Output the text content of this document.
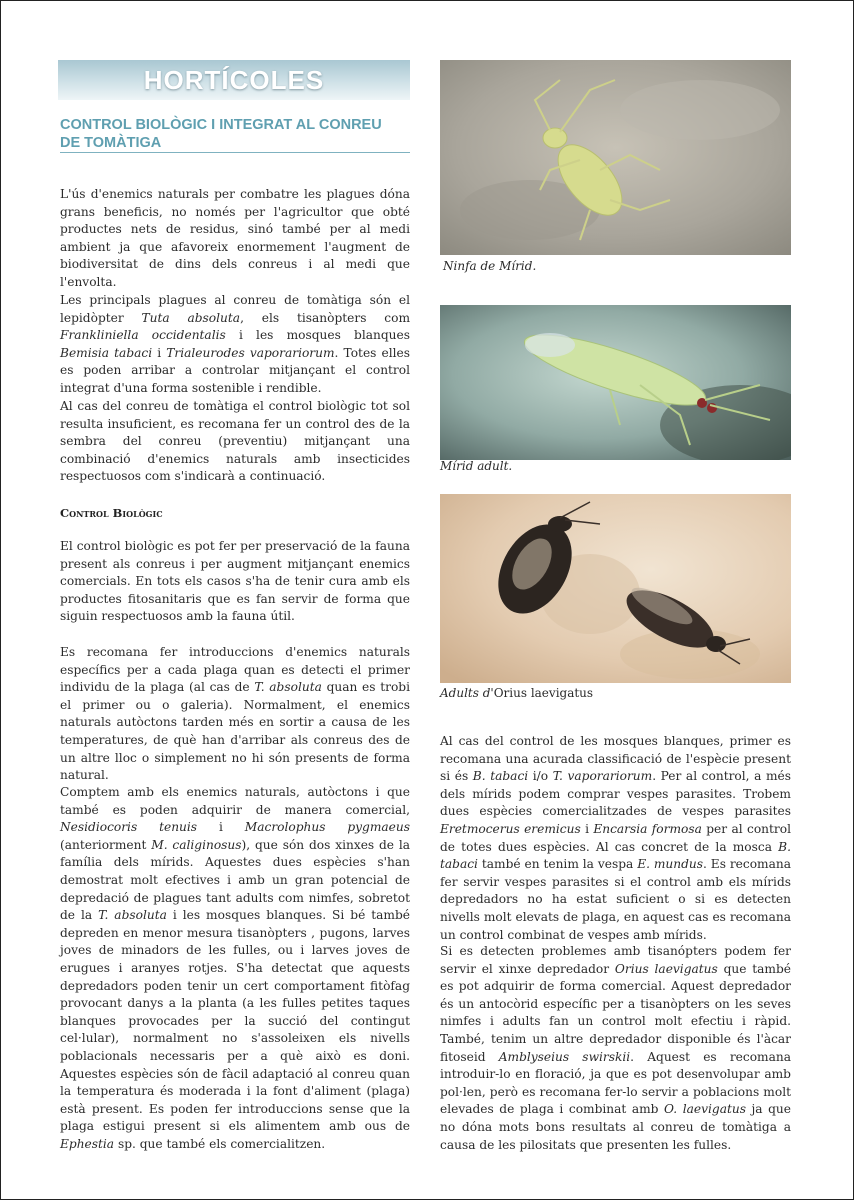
HORTÍCOLES
CONTROL BIOLÒGIC I INTEGRAT AL CONREU
DE TOMÀTIGA

L'ús d'enemics naturals per combatre les plagues dóna grans beneficis, no només per l'agricultor que obté productes nets de residus, sinó també per al medi ambient ja que afavoreix enormement l'augment de biodiversitat de dins dels conreus i al medi que l'envolta.

Les principals plagues al conreu de tomàtiga són el lepidòpter Tuta absoluta, els tisanòpters com Frankliniella occidentalis i les mosques blanques Bemisia tabaci i Trialeurodes vaporariorum. Totes elles es poden arribar a controlar mitjançant el control integrat d'una forma sostenible i rendible.

Al cas del conreu de tomàtiga el control biològic tot sol resulta insuficient, es recomana fer un control des de la sembra del conreu (preventiu) mitjançant una combinació d'enemics naturals amb insecticides respectuosos com s'indicarà a continuació.

Control Biològic

El control biològic es pot fer per preservació de la fauna present als conreus i per augment mitjançant enemics comercials. En tots els casos s'ha de tenir cura amb els productes fitosanitaris que es fan servir de forma que siguin respectuosos amb la fauna útil.

Es recomana fer introduccions d'enemics naturals específics per a cada plaga quan es detecti el primer individu de la plaga (al cas de T. absoluta quan es trobi el primer ou o galeria). Normalment, el enemics naturals autòctons tarden més en sortir a causa de les temperatures, de què han d'arribar als conreus des de un altre lloc o simplement no hi són presents de forma natural.

Comptem amb els enemics naturals, autòctons i que també es poden adquirir de manera comercial, Nesidiocoris tenuis i Macrolophus pygmaeus (anteriorment M. caliginosus), que són dos xinxes de la família dels mírids. Aquestes dues espècies s'han demostrat molt efectives i amb un gran potencial de depredació de plagues tant adults com nimfes, sobretot de la T. absoluta i les mosques blanques. Si bé també depreden en menor mesura tisanòpters , pugons, larves joves de minadors de les fulles, ou i larves joves de erugues i aranyes rotjes. S'ha detectat que aquests depredadors poden tenir un cert comportament fitòfag provocant danys a la planta (a les fulles petites taques blanques provocades per la succió del contingut cel·lular), normalment no s'assoleixen els nivells poblacionals necessaris per a què això es doni. Aquestes espècies són de fàcil adaptació al conreu quan la temperatura és moderada i la font d'aliment (plaga) està present. Es poden fer introduccions sense que la plaga estigui present si els alimentem amb ous de Ephestia sp. que també els comercialitzen.

Ninfa de Mírid.
Mírid adult.
Adults d'Orius laevigatus

Al cas del control de les mosques blanques, primer es recomana una acurada classificació de l'espècie present si és B. tabaci i/o T. vaporariorum. Per al control, a més dels mírids podem comprar vespes parasites. Trobem dues espècies comercialitzades de vespes parasites Eretmocerus eremicus i Encarsia formosa per al control de totes dues espècies. Al cas concret de la mosca B. tabaci també en tenim la vespa E. mundus. Es recomana fer servir vespes parasites si el control amb els mírids depredadors no ha estat suficient o si es detecten nivells molt elevats de plaga, en aquest cas es recomana un control combinat de vespes amb mírids.

Si es detecten problemes amb tisanópters podem fer servir el xinxe depredador Orius laevigatus que també es pot adquirir de forma comercial. Aquest depredador és un antocòrid específic per a tisanòpters on les seves nimfes i adults fan un control molt efectiu i ràpid. També, tenim un altre depredador disponible és l'àcar fitoseid Amblyseius swirskii. Aquest es recomana introduir-lo en floració, ja que es pot desenvolupar amb pol·len, però es recomana fer-lo servir a poblacions molt elevades de plaga i combinat amb O. laevigatus ja que no dóna mots bons resultats al conreu de tomàtiga a causa de les pilositats que presenten les fulles.
